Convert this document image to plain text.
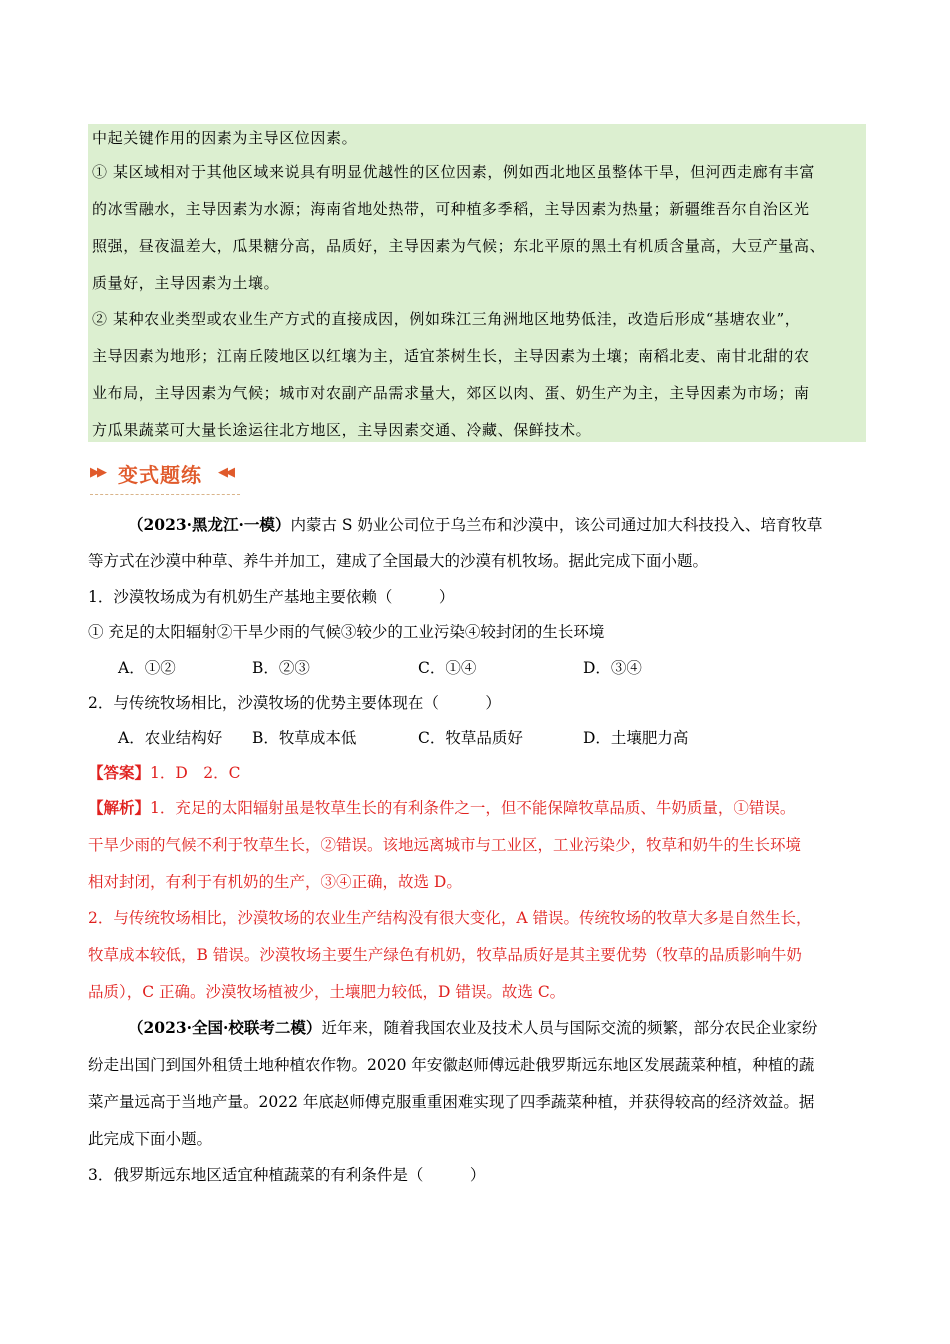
中起关键作用的因素为主导区位因素。
① 某区域相对于其他区域来说具有明显优越性的区位因素，例如西北地区虽整体干旱，但河西走廊有丰富
的冰雪融水，主导因素为水源；海南省地处热带，可种植多季稻，主导因素为热量；新疆维吾尔自治区光
照强，昼夜温差大，瓜果糖分高，品质好，主导因素为气候；东北平原的黑土有机质含量高，大豆产量高、
质量好，主导因素为土壤。
② 某种农业类型或农业生产方式的直接成因，例如珠江三角洲地区地势低洼，改造后形成“基塘农业”，
主导因素为地形；江南丘陵地区以红壤为主，适宜茶树生长，主导因素为土壤；南稻北麦、南甘北甜的农
业布局，主导因素为气候；城市对农副产品需求量大，郊区以肉、蛋、奶生产为主，主导因素为市场；南
方瓜果蔬菜可大量长途运往北方地区，主导因素交通、冷藏、保鲜技术。
▶▶ 变式题练 ◀◀
（2023·黑龙江·一模）内蒙古 S 奶业公司位于乌兰布和沙漠中，该公司通过加大科技投入、培育牧草
等方式在沙漠中种草、养牛并加工，建成了全国最大的沙漠有机牧场。据此完成下面小题。
1．沙漠牧场成为有机奶生产基地主要依赖（　　　）
① 充足的太阳辐射②干旱少雨的气候③较少的工业污染④较封闭的生长环境
A．①②	B．②③	C．①④	D．③④
2．与传统牧场相比，沙漠牧场的优势主要体现在（　　　）
A．农业结构好 B．牧草成本低	C．牧草品质好	D．土壤肥力高
【答案】1．D　2．C
【解析】1．充足的太阳辐射虽是牧草生长的有利条件之一，但不能保障牧草品质、牛奶质量，①错误。
干旱少雨的气候不利于牧草生长，②错误。该地远离城市与工业区，工业污染少，牧草和奶牛的生长环境
相对封闭，有利于有机奶的生产，③④正确，故选 D。
2．与传统牧场相比，沙漠牧场的农业生产结构没有很大变化，A 错误。传统牧场的牧草大多是自然生长，
牧草成本较低，B 错误。沙漠牧场主要生产绿色有机奶，牧草品质好是其主要优势（牧草的品质影响牛奶
品质），C 正确。沙漠牧场植被少，土壤肥力较低，D 错误。故选 C。
（2023·全国·校联考二模）近年来，随着我国农业及技术人员与国际交流的频繁，部分农民企业家纷
纷走出国门到国外租赁土地种植农作物。2020 年安徽赵师傅远赴俄罗斯远东地区发展蔬菜种植，种植的蔬
菜产量远高于当地产量。2022 年底赵师傅克服重重困难实现了四季蔬菜种植，并获得较高的经济效益。据
此完成下面小题。
3．俄罗斯远东地区适宜种植蔬菜的有利条件是（　　　）
